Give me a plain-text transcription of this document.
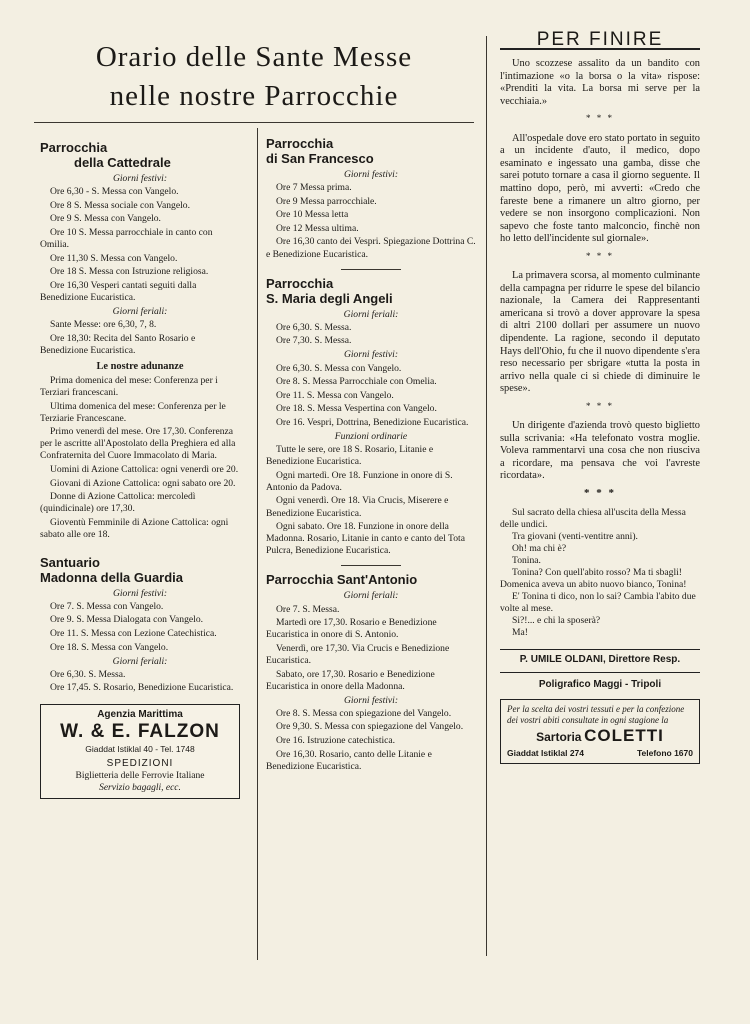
Orario delle Sante Messe
nelle nostre Parrocchie
Parrocchia
della Cattedrale
Giorni festivi:
Ore 6,30 - S. Messa con Vangelo.
Ore 8 S. Messa sociale con Vangelo.
Ore 9 S. Messa con Vangelo.
Ore 10 S. Messa parrocchiale in canto con Omilia.
Ore 11,30 S. Messa con Vangelo.
Ore 18 S. Messa con Istruzione religiosa.
Ore 16,30 Vesperi cantati seguiti dalla Benedizione Eucaristica.
Giorni feriali:
Sante Messe: ore 6,30, 7, 8.
Ore 18,30: Recita del Santo Rosario e Benedizione Eucaristica.
Le nostre adunanze
Prima domenica del mese: Conferenza per i Terziari francescani.
Ultima domenica del mese: Conferenza per le Terziarie Francescane.
Primo venerdì del mese. Ore 17,30. Conferenza per le ascritte all'Apostolato della Preghiera ed alla Confraternita del Cuore Immacolato di Maria.
Uomini di Azione Cattolica: ogni venerdì ore 20.
Giovani di Azione Cattolica: ogni sabato ore 20.
Donne di Azione Cattolica: mercoledì (quindicinale) ore 17,30.
Gioventù Femminile di Azione Cattolica: ogni sabato alle ore 18.
Santuario
Madonna della Guardia
Giorni festivi:
Ore 7. S. Messa con Vangelo.
Ore 9. S. Messa Dialogata con Vangelo.
Ore 11. S. Messa con Lezione Catechistica.
Ore 18. S. Messa con Vangelo.
Giorni feriali:
Ore 6,30. S. Messa.
Ore 17,45. S. Rosario, Benedizione Eucaristica.
Agenzia Marittima
W. & E. FALZON
Giaddat Istiklal 40 - Tel. 1748
SPEDIZIONI
Biglietteria delle Ferrovie Italiane
Servizio bagagli, ecc.
Parrocchia
di San Francesco
Giorni festivi:
Ore 7 Messa prima.
Ore 9 Messa parrocchiale.
Ore 10 Messa letta
Ore 12 Messa ultima.
Ore 16,30 canto dei Vespri. Spiegazione Dottrina C. e Benedizione Eucaristica.
Parrocchia
S. Maria degli Angeli
Giorni feriali:
Ore 6,30. S. Messa.
Ore 7,30. S. Messa.
Giorni festivi:
Ore 6,30. S. Messa con Vangelo.
Ore 8. S. Messa Parrocchiale con Omelia.
Ore 11. S. Messa con Vangelo.
Ore 18. S. Messa Vespertina con Vangelo.
Ore 16. Vespri, Dottrina, Benedizione Eucaristica.
Funzioni ordinarie
Tutte le sere, ore 18 S. Rosario, Litanie e Benedizione Eucaristica.
Ogni martedì. Ore 18. Funzione in onore di S. Antonio da Padova.
Ogni venerdì. Ore 18. Via Crucis, Miserere e Benedizione Eucaristica.
Ogni sabato. Ore 18. Funzione in onore della Madonna. Rosario, Litanie in canto e canto del Tota Pulcra, Benedizione Eucaristica.
Parrocchia Sant'Antonio
Giorni feriali:
Ore 7. S. Messa.
Martedì ore 17,30. Rosario e Benedizione Eucaristica in onore di S. Antonio.
Venerdì, ore 17,30. Via Crucis e Benedizione Eucaristica.
Sabato, ore 17,30. Rosario e Benedizione Eucaristica in onore della Madonna.
Giorni festivi:
Ore 8. S. Messa con spiegazione del Vangelo.
Ore 9,30. S. Messa con spiegazione del Vangelo.
Ore 16. Istruzione catechistica.
Ore 16,30. Rosario, canto delle Litanie e Benedizione Eucaristica.
PER FINIRE
Uno scozzese assalito da un bandito con l'intimazione «o la borsa o la vita» rispose: «Prenditi la vita. La borsa mi serve per la vecchiaia.»
* * *
All'ospedale dove ero stato portato in seguito a un incidente d'auto, il medico, dopo esaminato e ingessato una gamba, disse che sarei potuto tornare a casa il giorno seguente. Il mattino dopo, però, mi avvertì: «Credo che fareste bene a rimanere un altro giorno, per vedere se non insorgono complicazioni. Non sapevo che foste tanto malconcio, finchè non ho letto dell'incidente sul giornale».
* * *
La primavera scorsa, al momento culminante della campagna per ridurre le spese del bilancio nazionale, la Camera dei Rappresentanti americana si trovò a dover approvare la spesa di altri 2100 dollari per assumere un nuovo dipendente. La ragione, secondo il deputato Hays dell'Ohio, fu che il nuovo dipendente s'era reso necessario per sbrigare «tutta la posta in arrivo nella quale ci si chiede di diminuire le spese».
* * *
Un dirigente d'azienda trovò questo biglietto sulla scrivania: «Ha telefonato vostra moglie. Voleva rammentarvi una cosa che non riusciva a ricordare, ma pensava che voi l'avreste ricordata».
* * *
Sul sacrato della chiesa all'uscita della Messa delle undici.
Tra giovani (venti-ventitre anni).
Oh! ma chi è?
Tonina.
Tonina? Con quell'abito rosso? Ma ti sbagli! Domenica aveva un abito nuovo bianco, Tonina!
E' Tonina ti dico, non lo sai? Cambia l'abito due volte al mese.
Si?!... e chi la sposerà?
Ma!
P. UMILE OLDANI, Direttore Resp.
Poligrafico Maggi - Tripoli
Per la scelta dei vostri tessuti e per la confezione dei vostri abiti consultate in ogni stagione la
Sartoria COLETTI
Giaddat Istiklal 274	Telefono 1670
